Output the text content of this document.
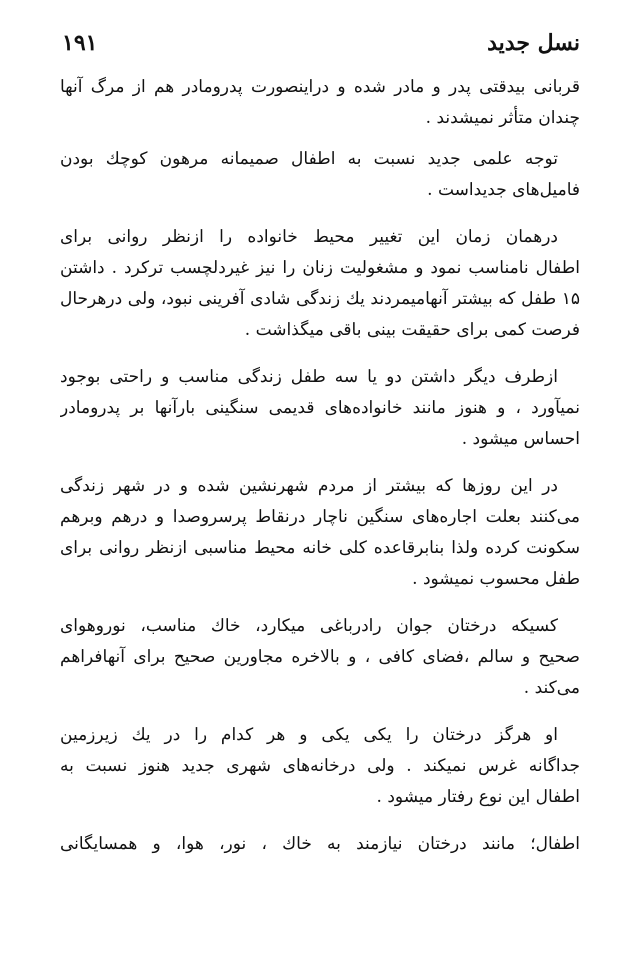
نسل جدید
۱۹۱
قربانی بیدقتی پدر و مادر شده و دراینصورت پدرومادر هم از مرگ آنها
چندان متأثر نمیشدند .
توجه علمی جدید نسبت به اطفال صمیمانه مرهون کوچك بودن
فامیل‌های جدیداست .
درهمان زمان این تغییر محیط خانواده را ازنظر روانی برای
اطفال نامناسب نمود و مشغولیت زنان را نیز غیردلچسب ترکرد . داشتن
۱۵ طفل که بیشتر آنهامیمردند یك زندگی شادی آفرینی نبود، ولی درهرحال
فرصت کمی برای حقیقت بینی باقی میگذاشت .
ازطرف دیگر داشتن دو یا سه طفل زندگی مناسب و راحتی بوجود
نمیآورد ، و هنوز مانند خانواده‌های قدیمی سنگینی بارآنها بر پدرومادر
احساس میشود .
در این روزها که بیشتر از مردم شهرنشین شده و در شهر زندگی
می‌کنند بعلت اجاره‌های سنگین ناچار درنقاط پرسروصدا و درهم وبرهم
سکونت کرده ولذا بنابرقاعده کلی خانه محیط مناسبی ازنظر روانی برای
طفل محسوب نمیشود .
کسیکه درختان جوان رادرباغی میکارد، خاك مناسب، نوروهوای
صحیح و سالم ،فضای کافی ، و بالاخره مجاورین صحیح برای آنهافراهم
می‌کند .
او هرگز درختان را یکی یکی و هر کدام را در یك زیرزمین
جداگانه غرس نمیکند . ولی درخانه‌های شهری جدید هنوز نسبت به
اطفال این نوع رفتار میشود .
اطفال؛ مانند درختان نیازمند به خاك ، نور، هوا، و همسایگانی
